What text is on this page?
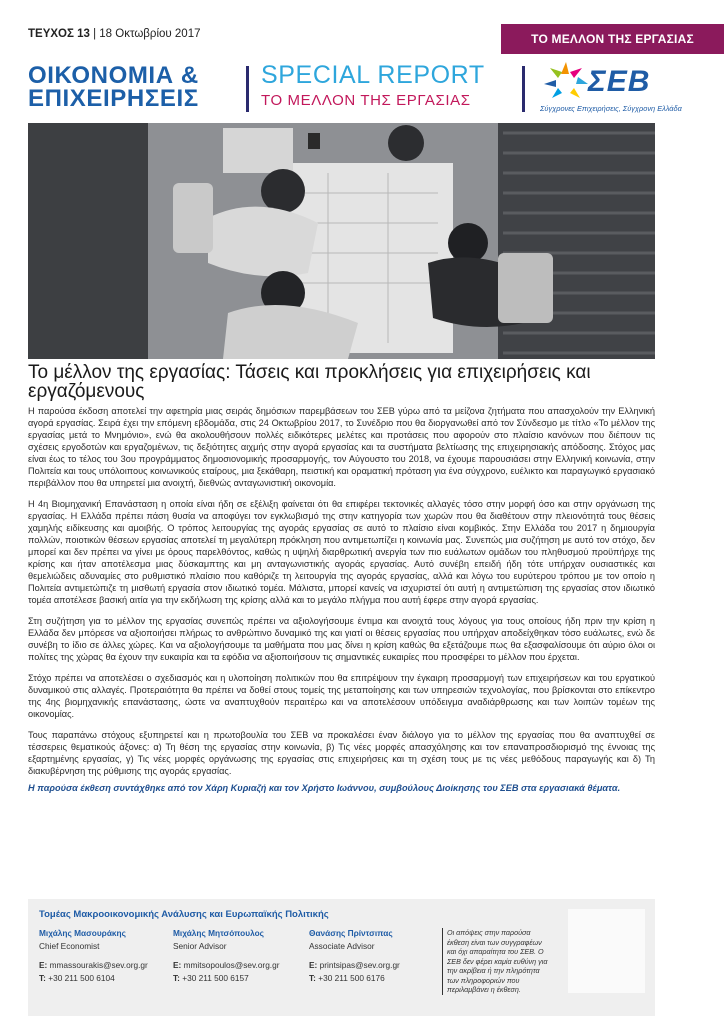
ΤΕΥΧΟΣ 13 | 18 Οκτωβρίου 2017	ΤΟ ΜΕΛΛΟΝ ΤΗΣ ΕΡΓΑΣΙΑΣ
ΟΙΚΟΝΟΜΙΑ &
ΕΠΙΧΕΙΡΗΣΕΙΣ
SPECIAL REPORT
ΤΟ ΜΕΛΛΟΝ ΤΗΣ ΕΡΓΑΣΙΑΣ
ΣΕΒ
Σύγχρονες Επιχειρήσεις, Σύγχρονη Ελλάδα
Το μέλλον της εργασίας: Τάσεις και προκλήσεις για επιχειρήσεις και εργαζόμενους

Η παρούσα έκδοση αποτελεί την αφετηρία μιας σειράς δημόσιων παρεμβάσεων του ΣΕΒ γύρω από τα μείζονα ζητήματα που απασχολούν την Ελληνική αγορά εργασίας. Σειρά έχει την επόμενη εβδομάδα, στις 24 Οκτωβρίου 2017, το Συνέδριο που θα διοργανωθεί από τον Σύνδεσμο με τίτλο «Το μέλλον της εργασίας μετά το Μνημόνιο», ενώ θα ακολουθήσουν πολλές ειδικότερες μελέτες και προτάσεις που αφορούν στο πλαίσιο κανόνων που διέπουν τις σχέσεις εργοδοτών και εργαζομένων, τις δεξιότητες αιχμής στην αγορά εργασίας και τα συστήματα βελτίωσης της επιχειρησιακής απόδοσης. Στόχος μας είναι έως το τέλος του 3ου προγράμματος δημοσιονομικής προσαρμογής, τον Αύγουστο του 2018, να έχουμε παρουσιάσει στην Ελληνική κοινωνία, στην Πολιτεία και τους υπόλοιπους κοινωνικούς εταίρους, μια ξεκάθαρη, πειστική και οραματική πρόταση για ένα σύγχρονο, ευέλικτο και παραγωγικό εργασιακό περιβάλλον που θα υπηρετεί μια ανοιχτή, διεθνώς ανταγωνιστική οικονομία.

Η 4η Βιομηχανική Επανάσταση η οποία είναι ήδη σε εξέλιξη φαίνεται ότι θα επιφέρει τεκτονικές αλλαγές τόσο στην μορφή όσο και στην οργάνωση της εργασίας. Η Ελλάδα πρέπει πάση θυσία να αποφύγει τον εγκλωβισμό της στην κατηγορία των χωρών που θα διαθέτουν στην πλειονότητά τους θέσεις χαμηλής ειδίκευσης και αμοιβής. Ο τρόπος λειτουργίας της αγοράς εργασίας σε αυτό το πλαίσιο είναι κομβικός. Στην Ελλάδα του 2017 η δημιουργία πολλών, ποιοτικών θέσεων εργασίας αποτελεί τη μεγαλύτερη πρόκληση που αντιμετωπίζει η κοινωνία μας. Συνεπώς μια συζήτηση με αυτό τον στόχο, δεν μπορεί και δεν πρέπει να γίνει με όρους παρελθόντος, καθώς η υψηλή διαρθρωτική ανεργία των πιο ευάλωτων ομάδων του πληθυσμού προϋπήρχε της κρίσης και ήταν αποτέλεσμα μιας δύσκαμπτης και μη ανταγωνιστικής αγοράς εργασίας. Αυτό συνέβη επειδή ήδη τότε υπήρχαν ουσιαστικές και θεμελιώδεις αδυναμίες στο ρυθμιστικό πλαίσιο που καθόριζε τη λειτουργία της αγοράς εργασίας, αλλά και λόγω του ευρύτερου τρόπου με τον οποίο η Πολιτεία αντιμετώπιζε τη μισθωτή εργασία στον ιδιωτικό τομέα. Μάλιστα, μπορεί κανείς να ισχυριστεί ότι αυτή η αντιμετώπιση της εργασίας στον ιδιωτικό τομέα αποτέλεσε βασική αιτία για την εκδήλωση της κρίσης αλλά και το μεγάλο πλήγμα που αυτή έφερε στην αγορά εργασίας.

Στη συζήτηση για το μέλλον της εργασίας συνεπώς πρέπει να αξιολογήσουμε έντιμα και ανοιχτά τους λόγους για τους οποίους ήδη πριν την κρίση η Ελλάδα δεν μπόρεσε να αξιοποιήσει πλήρως το ανθρώπινο δυναμικό της και γιατί οι θέσεις εργασίας που υπήρχαν αποδείχθηκαν τόσο ευάλωτες, ενώ δε συνέβη το ίδιο σε άλλες χώρες. Και να αξιολογήσουμε τα μαθήματα που μας δίνει η κρίση καθώς θα εξετάζουμε πως θα εξασφαλίσουμε ότι αύριο όλοι οι πολίτες της χώρας θα έχουν την ευκαιρία και τα εφόδια να αξιοποιήσουν τις σημαντικές ευκαιρίες που προσφέρει το μέλλον που έρχεται.

Στόχο πρέπει να αποτελέσει ο σχεδιασμός και η υλοποίηση πολιτικών που θα επιτρέψουν την έγκαιρη προσαρμογή των επιχειρήσεων και του εργατικού δυναμικού στις αλλαγές. Προτεραιότητα θα πρέπει να δοθεί στους τομείς της μεταποίησης και των υπηρεσιών τεχνολογίας, που βρίσκονται στο επίκεντρο της 4ης βιομηχανικής επανάστασης, ώστε να αναπτυχθούν περαιτέρω και να αποτελέσουν υπόδειγμα αναδιάρθρωσης και των λοιπών τομέων της οικονομίας.

Τους παραπάνω στόχους εξυπηρετεί και η πρωτοβουλία του ΣΕΒ να προκαλέσει έναν διάλογο για το μέλλον της εργασίας που θα αναπτυχθεί σε τέσσερεις θεματικούς άξονες: α) Τη θέση της εργασίας στην κοινωνία, β) Τις νέες μορφές απασχόλησης και τον επαναπροσδιορισμό της έννοιας της εξαρτημένης εργασίας, γ) Τις νέες μορφές οργάνωσης της εργασίας στις επιχειρήσεις και τη σχέση τους με τις νέες μεθόδους παραγωγής και δ) Τη διακυβέρνηση της ρύθμισης της αγοράς εργασίας.

Η παρούσα έκθεση συντάχθηκε από τον Χάρη Κυριαζή και τον Χρήστο Ιωάννου, συμβούλους Διοίκησης του ΣΕΒ στα εργασιακά θέματα.

Τομέας Μακροοικονομικής Ανάλυσης και Ευρωπαϊκής Πολιτικής
Μιχάλης Μασουράκης
Chief Economist
E: mmassourakis@sev.org.gr
T: +30 211 500 6104
Μιχάλης Μητσόπουλος
Senior Advisor
E: mmitsopoulos@sev.org.gr
T: +30 211 500 6157
Θανάσης Πρίντσιπας
Associate Advisor
E: printsipas@sev.org.gr
T: +30 211 500 6176
Οι απόψεις στην παρούσα έκθεση είναι των συγγραφέων και όχι απαραίτητα του ΣΕΒ. Ο ΣΕΒ δεν φέρει καμία ευθύνη για την ακρίβεια ή την πληρότητα των πληροφοριών που περιλαμβάνει η έκθεση.
